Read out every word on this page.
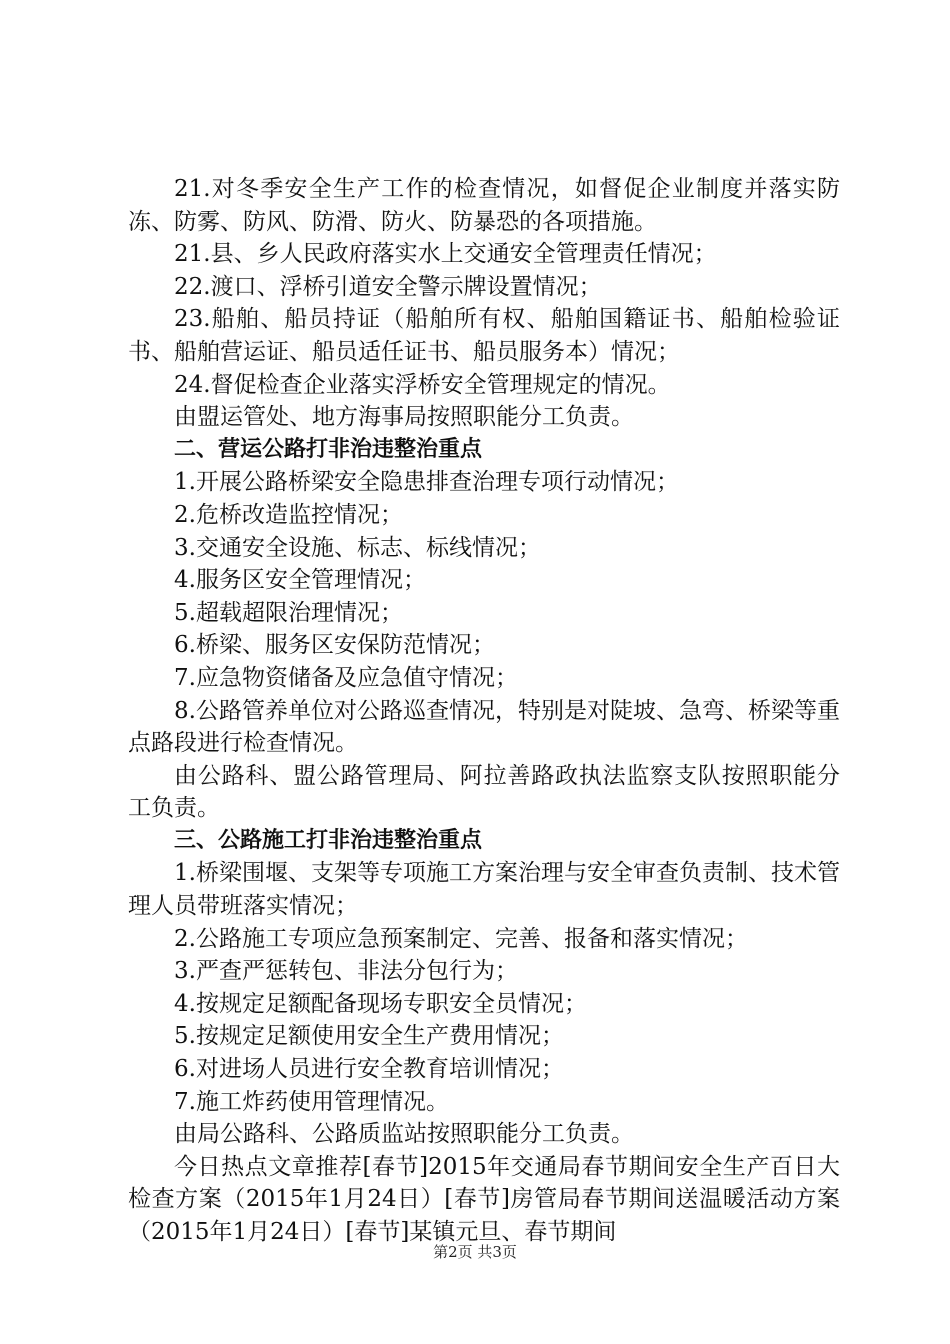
21.对冬季安全生产工作的检查情况，如督促企业制度并落实防冻、防雾、防风、防滑、防火、防暴恐的各项措施。

21.县、乡人民政府落实水上交通安全管理责任情况；

22.渡口、浮桥引道安全警示牌设置情况；

23.船舶、船员持证（船舶所有权、船舶国籍证书、船舶检验证书、船舶营运证、船员适任证书、船员服务本）情况；

24.督促检查企业落实浮桥安全管理规定的情况。

由盟运管处、地方海事局按照职能分工负责。

二、营运公路打非治违整治重点

1.开展公路桥梁安全隐患排查治理专项行动情况；

2.危桥改造监控情况；

3.交通安全设施、标志、标线情况；

4.服务区安全管理情况；

5.超载超限治理情况；

6.桥梁、服务区安保防范情况；

7.应急物资储备及应急值守情况；

8.公路管养单位对公路巡查情况，特别是对陡坡、急弯、桥梁等重点路段进行检查情况。

由公路科、盟公路管理局、阿拉善路政执法监察支队按照职能分工负责。

三、公路施工打非治违整治重点

1.桥梁围堰、支架等专项施工方案治理与安全审查负责制、技术管理人员带班落实情况；

2.公路施工专项应急预案制定、完善、报备和落实情况；

3.严查严惩转包、非法分包行为；

4.按规定足额配备现场专职安全员情况；

5.按规定足额使用安全生产费用情况；

6.对进场人员进行安全教育培训情况；

7.施工炸药使用管理情况。

由局公路科、公路质监站按照职能分工负责。

今日热点文章推荐[春节]2015年交通局春节期间安全生产百日大检查方案（2015年1月24日）[春节]房管局春节期间送温暖活动方案（2015年1月24日）[春节]某镇元旦、春节期间

第2页 共3页
